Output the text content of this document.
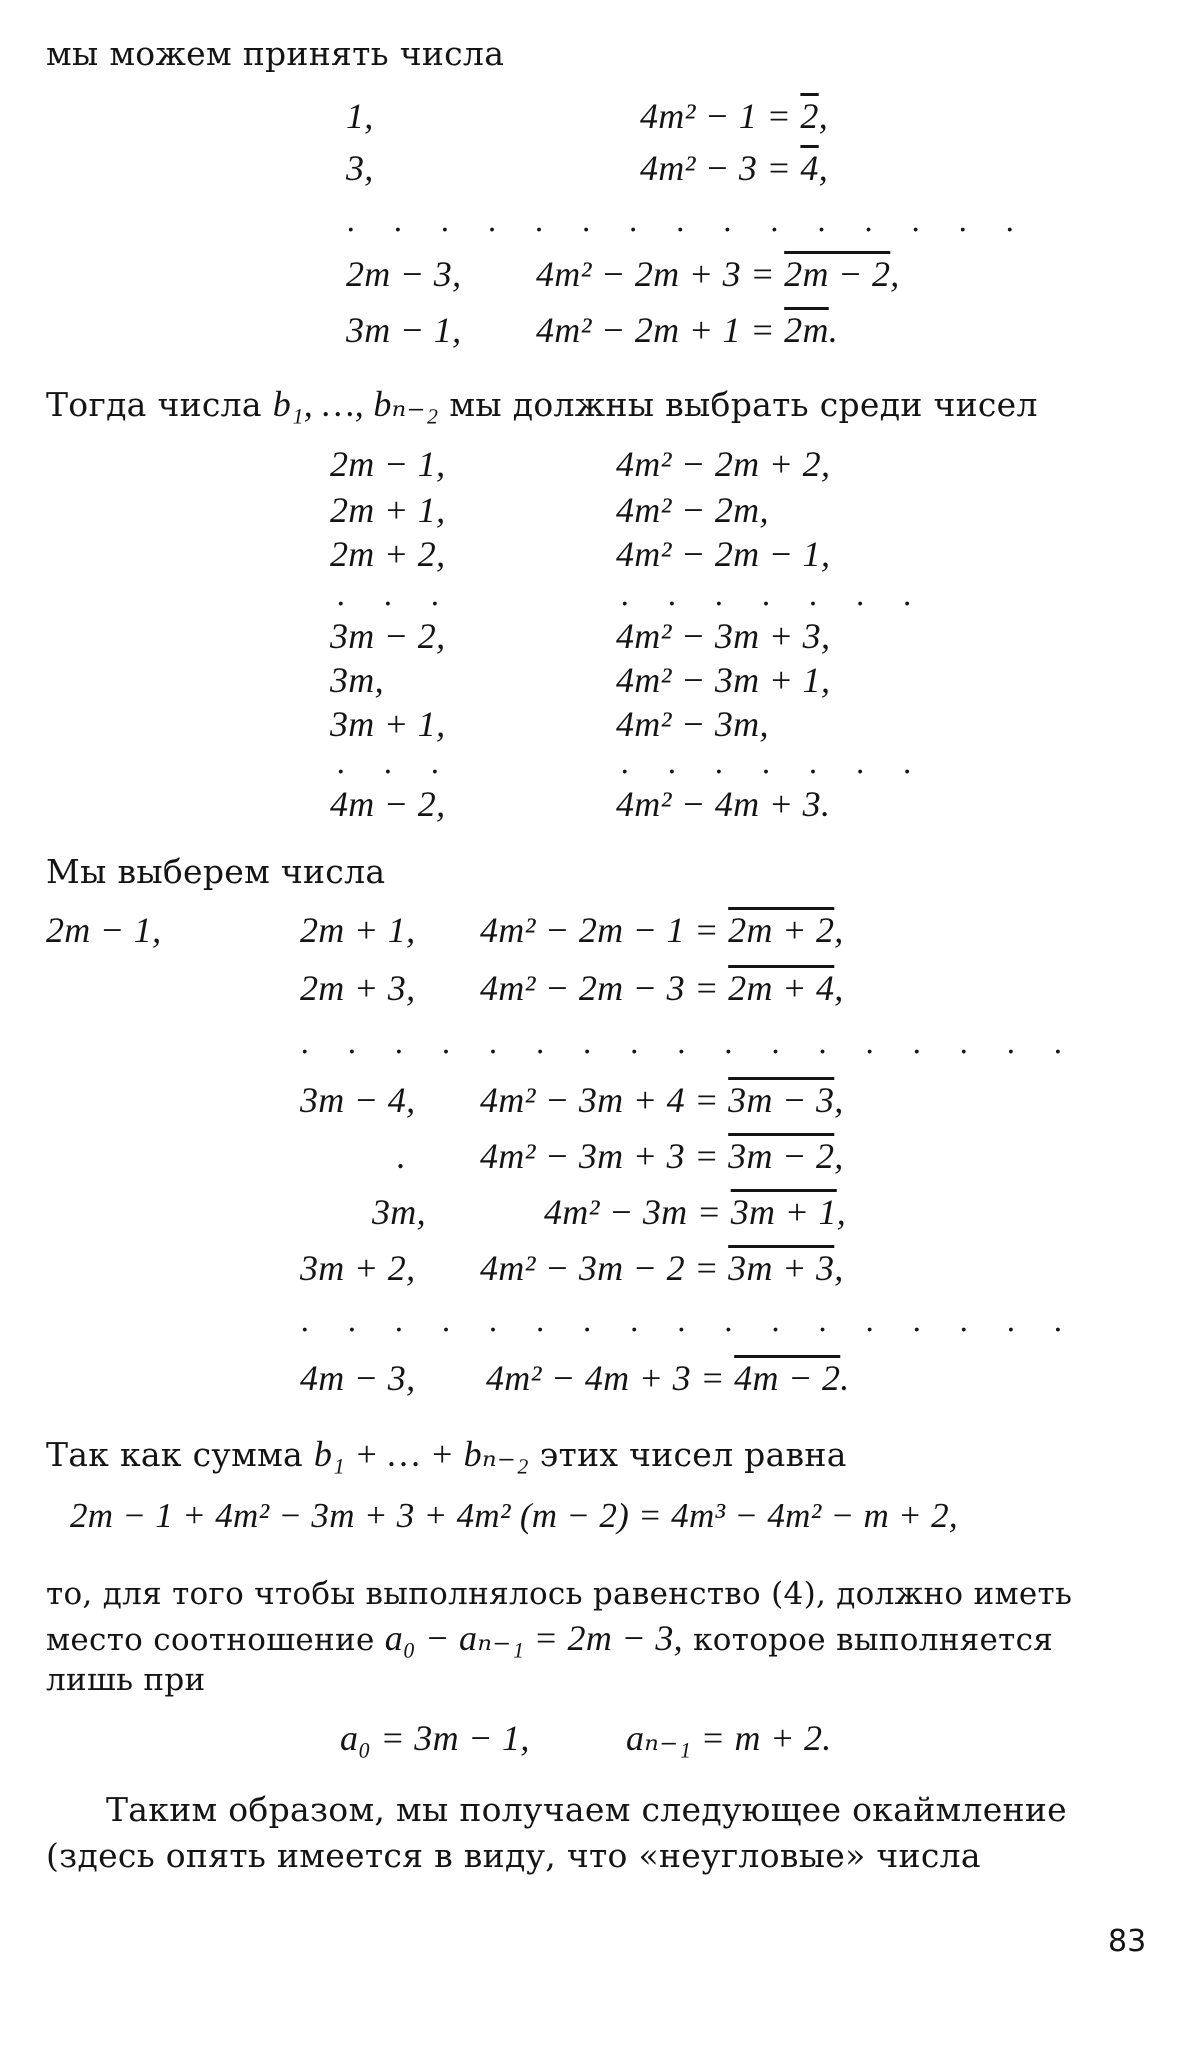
мы можем принять числа
1,	4m² − 1 = 2,
3,	4m² − 3 = 4,
. . . . . . . . . . . . . . .
2m − 3, 4m² − 2m + 3 = 2m − 2,
3m − 1, 4m² − 2m + 1 = 2m.
Тогда числа b₁, …, bₙ₋₂ мы должны выбрать среди чисел
2m − 1,	4m² − 2m + 2,
2m + 1,	4m² − 2m,
2m + 2,	4m² − 2m − 1,
. . .	. . . . . . .
3m − 2,	4m² − 3m + 3,
3m,	4m² − 3m + 1,
3m + 1,	4m² − 3m,
. . .	. . . . . . .
4m − 2,	4m² − 4m + 3.
Мы выберем числа
2m − 1,	2m + 1, 4m² − 2m − 1 = 2m + 2,
2m + 3, 4m² − 2m − 3 = 2m + 4,
. . . . . . . . . . . . . . . . .
3m − 4, 4m² − 3m + 4 = 3m − 3,
. 4m² − 3m + 3 = 3m − 2,
3m,	4m² − 3m = 3m + 1,
3m + 2, 4m² − 3m − 2 = 3m + 3,
. . . . . . . . . . . . . . . . .
4m − 3, 4m² − 4m + 3 = 4m − 2.
Так как сумма b₁ + … + bₙ₋₂ этих чисел равна
2m − 1 + 4m² − 3m + 3 + 4m² (m − 2) = 4m³ − 4m² − m + 2,
то, для того чтобы выполнялось равенство (4), должно иметь
место соотношение a₀ − aₙ₋₁ = 2m − 3, которое выполняется
лишь при
a₀ = 3m − 1,	aₙ₋₁ = m + 2.
Таким образом, мы получаем следующее окаймление
(здесь опять имеется в виду, что «неугловые» числа
83
